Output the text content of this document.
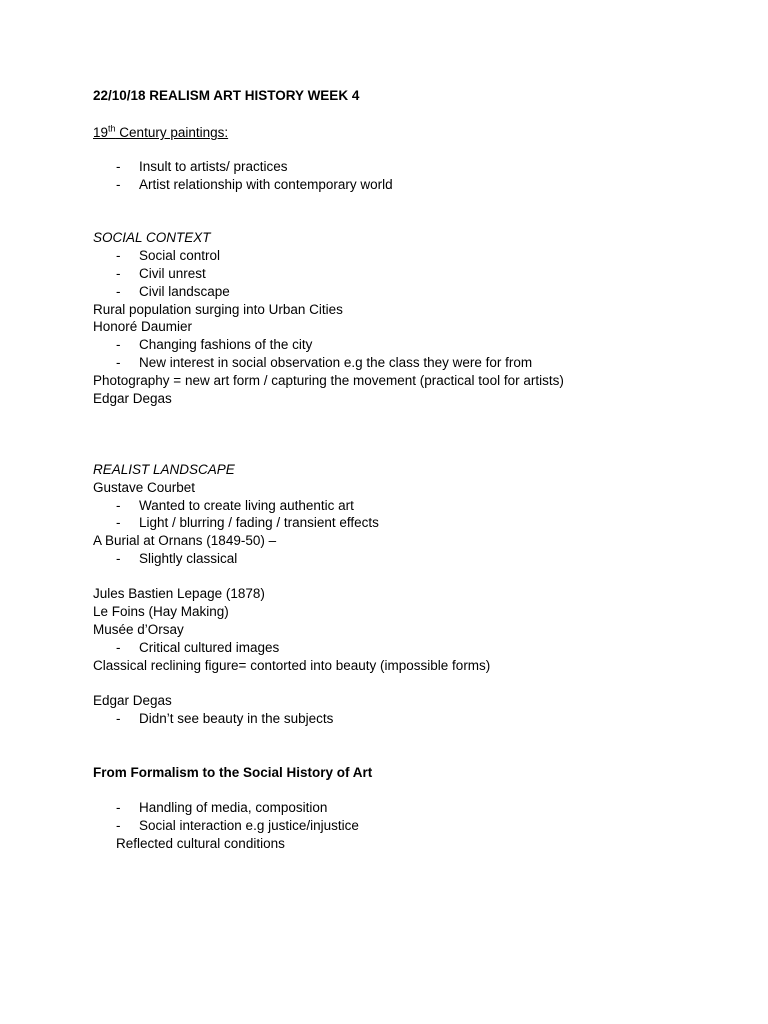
22/10/18 REALISM ART HISTORY WEEK 4
19th Century paintings:
- Insult to artists/ practices
- Artist relationship with contemporary world
SOCIAL CONTEXT
- Social control
- Civil unrest
- Civil landscape
Rural population surging into Urban Cities
Honoré Daumier
- Changing fashions of the city
- New interest in social observation e.g the class they were for from
Photography = new art form / capturing the movement (practical tool for artists)
Edgar Degas
REALIST LANDSCAPE
Gustave Courbet
- Wanted to create living authentic art
- Light / blurring / fading / transient effects
A Burial at Ornans (1849-50) –
- Slightly classical
Jules Bastien Lepage (1878)
Le Foins (Hay Making)
Musée d’Orsay
- Critical cultured images
Classical reclining figure= contorted into beauty (impossible forms)
Edgar Degas
- Didn’t see beauty in the subjects
From Formalism to the Social History of Art
- Handling of media, composition
- Social interaction e.g justice/injustice
Reflected cultural conditions
